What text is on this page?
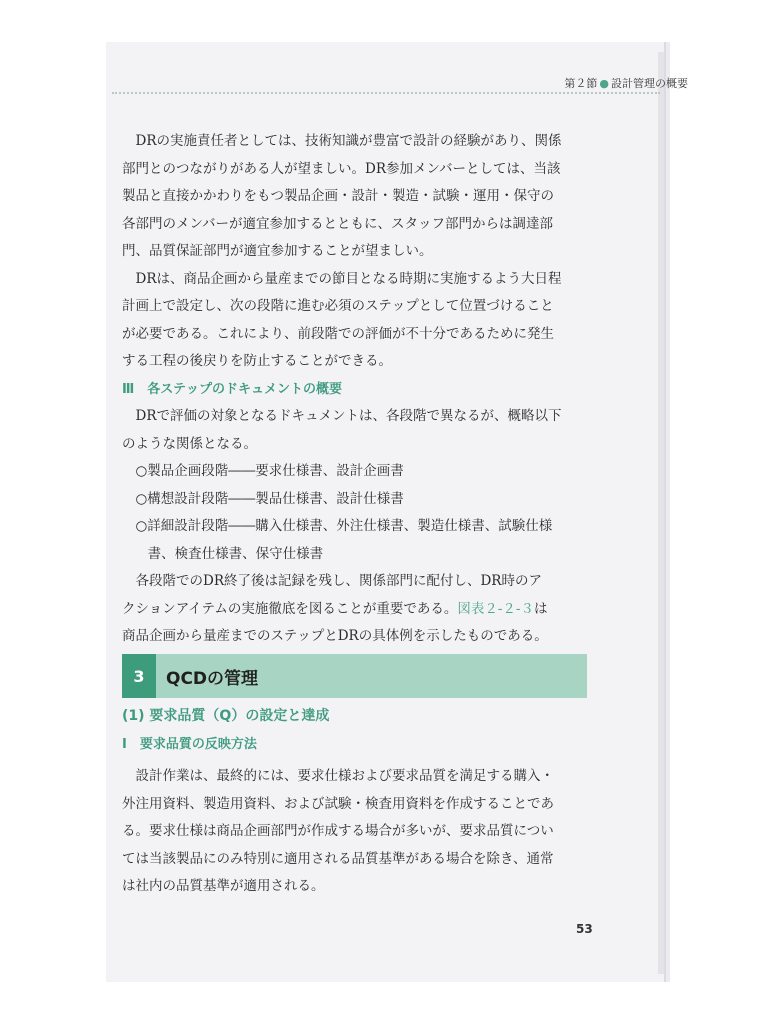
第２節 ● 設計管理の概要
DRの実施責任者としては、技術知識が豊富で設計の経験があり、関係
部門とのつながりがある人が望ましい。DR参加メンバーとしては、当該
製品と直接かかわりをもつ製品企画・設計・製造・試験・運用・保守の
各部門のメンバーが適宜参加するとともに、スタッフ部門からは調達部
門、品質保証部門が適宜参加することが望ましい。
DRは、商品企画から量産までの節目となる時期に実施するよう大日程
計画上で設定し、次の段階に進む必須のステップとして位置づけること
が必要である。これにより、前段階での評価が不十分であるために発生
する工程の後戻りを防止することができる。
Ⅲ　各ステップのドキュメントの概要
DRで評価の対象となるドキュメントは、各段階で異なるが、概略以下
のような関係となる。
○製品企画段階――要求仕様書、設計企画書
○構想設計段階――製品仕様書、設計仕様書
○詳細設計段階――購入仕様書、外注仕様書、製造仕様書、試験仕様
書、検査仕様書、保守仕様書
各段階でのDR終了後は記録を残し、関係部門に配付し、DR時のア
クションアイテムの実施徹底を図ることが重要である。図表２-２-３は
商品企画から量産までのステップとDRの具体例を示したものである。
3	QCDの管理
(1) 要求品質（Q）の設定と達成
Ⅰ　要求品質の反映方法
設計作業は、最終的には、要求仕様および要求品質を満足する購入・
外注用資料、製造用資料、および試験・検査用資料を作成することであ
る。要求仕様は商品企画部門が作成する場合が多いが、要求品質につい
ては当該製品にのみ特別に適用される品質基準がある場合を除き、通常
は社内の品質基準が適用される。
53
